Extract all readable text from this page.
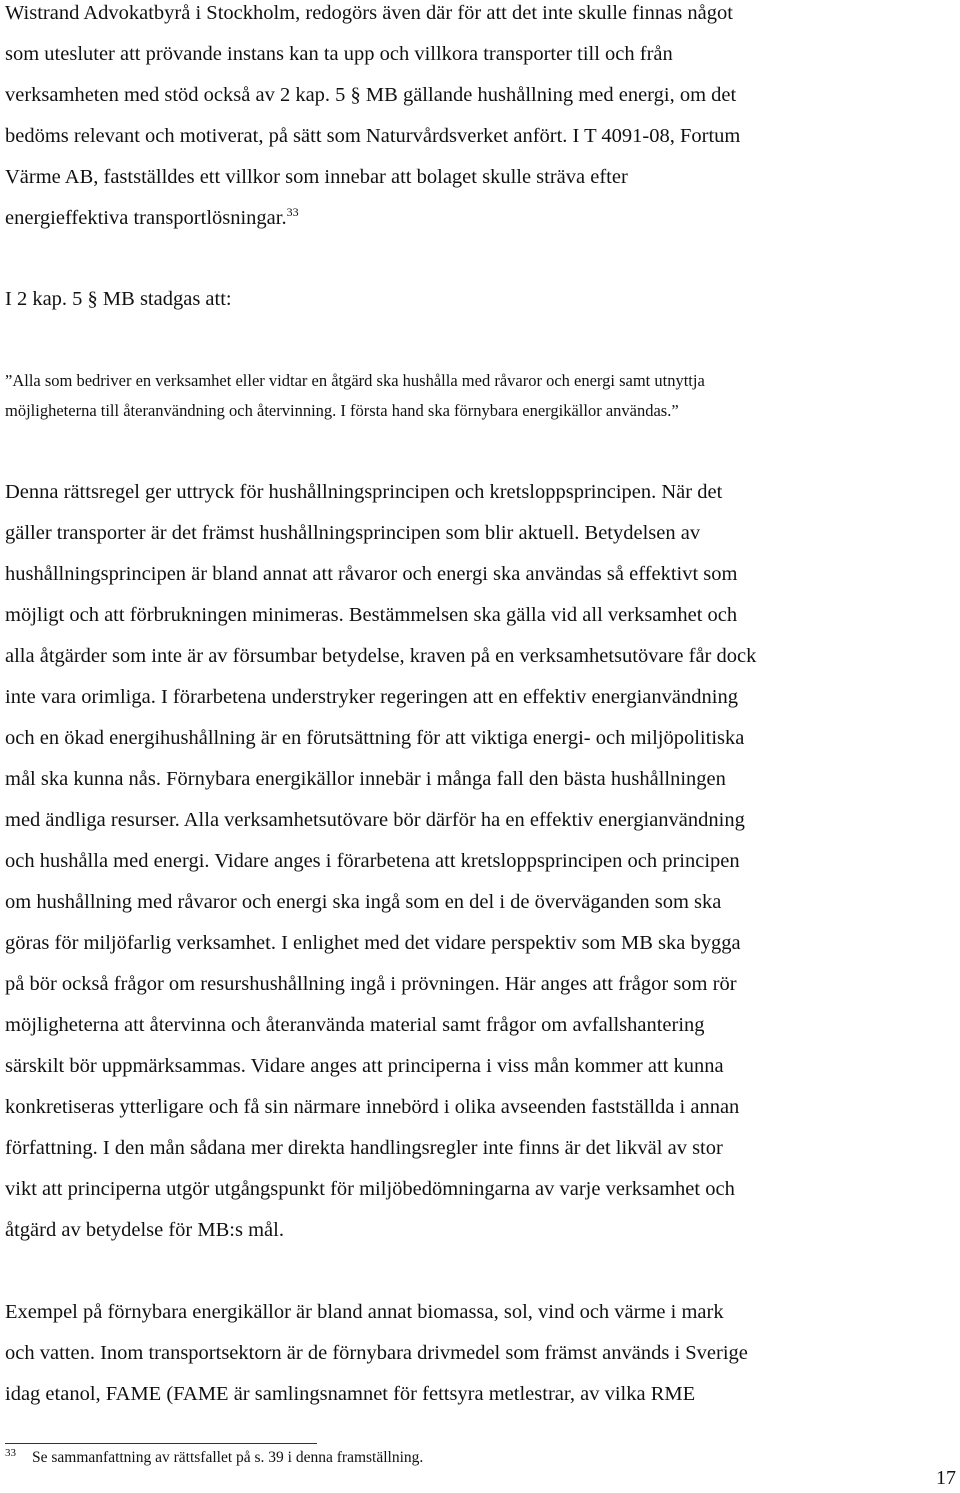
Wistrand Advokatbyrå i Stockholm, redogörs även där för att det inte skulle finnas något
som utesluter att prövande instans kan ta upp och villkora transporter till och från
verksamheten med stöd också av 2 kap. 5 § MB gällande hushållning med energi, om det
bedöms relevant och motiverat, på sätt som Naturvårdsverket anfört. I T 4091-08, Fortum
Värme AB, fastställdes ett villkor som innebar att bolaget skulle sträva efter
energieffektiva transportlösningar.$^{33}$

I 2 kap. 5 § MB stadgas att:

”Alla som bedriver en verksamhet eller vidtar en åtgärd ska hushålla med råvaror och energi samt utnyttja
möjligheterna till återanvändning och återvinning. I första hand ska förnybara energikällor användas.”

Denna rättsregel ger uttryck för hushållningsprincipen och kretsloppsprincipen. När det
gäller transporter är det främst hushållningsprincipen som blir aktuell. Betydelsen av
hushållningsprincipen är bland annat att råvaror och energi ska användas så effektivt som
möjligt och att förbrukningen minimeras. Bestämmelsen ska gälla vid all verksamhet och
alla åtgärder som inte är av försumbar betydelse, kraven på en verksamhetsutövare får dock
inte vara orimliga. I förarbetena understryker regeringen att en effektiv energianvändning
och en ökad energihushållning är en förutsättning för att viktiga energi- och miljöpolitiska
mål ska kunna nås. Förnybara energikällor innebär i många fall den bästa hushållningen
med ändliga resurser. Alla verksamhetsutövare bör därför ha en effektiv energianvändning
och hushålla med energi. Vidare anges i förarbetena att kretsloppsprincipen och principen
om hushållning med råvaror och energi ska ingå som en del i de överväganden som ska
göras för miljöfarlig verksamhet. I enlighet med det vidare perspektiv som MB ska bygga
på bör också frågor om resurshushållning ingå i prövningen. Här anges att frågor som rör
möjligheterna att återvinna och återanvända material samt frågor om avfallshantering
särskilt bör uppmärksammas. Vidare anges att principerna i viss mån kommer att kunna
konkretiseras ytterligare och få sin närmare innebörd i olika avseenden fastställda i annan
författning. I den mån sådana mer direkta handlingsregler inte finns är det likväl av stor
vikt att principerna utgör utgångspunkt för miljöbedömningarna av varje verksamhet och
åtgärd av betydelse för MB:s mål.

Exempel på förnybara energikällor är bland annat biomassa, sol, vind och värme i mark
och vatten. Inom transportsektorn är de förnybara drivmedel som främst används i Sverige
idag etanol, FAME (FAME är samlingsnamnet för fettsyra metlestrar, av vilka RME

$^{33}$ Se sammanfattning av rättsfallet på s. 39 i denna framställning.
17
